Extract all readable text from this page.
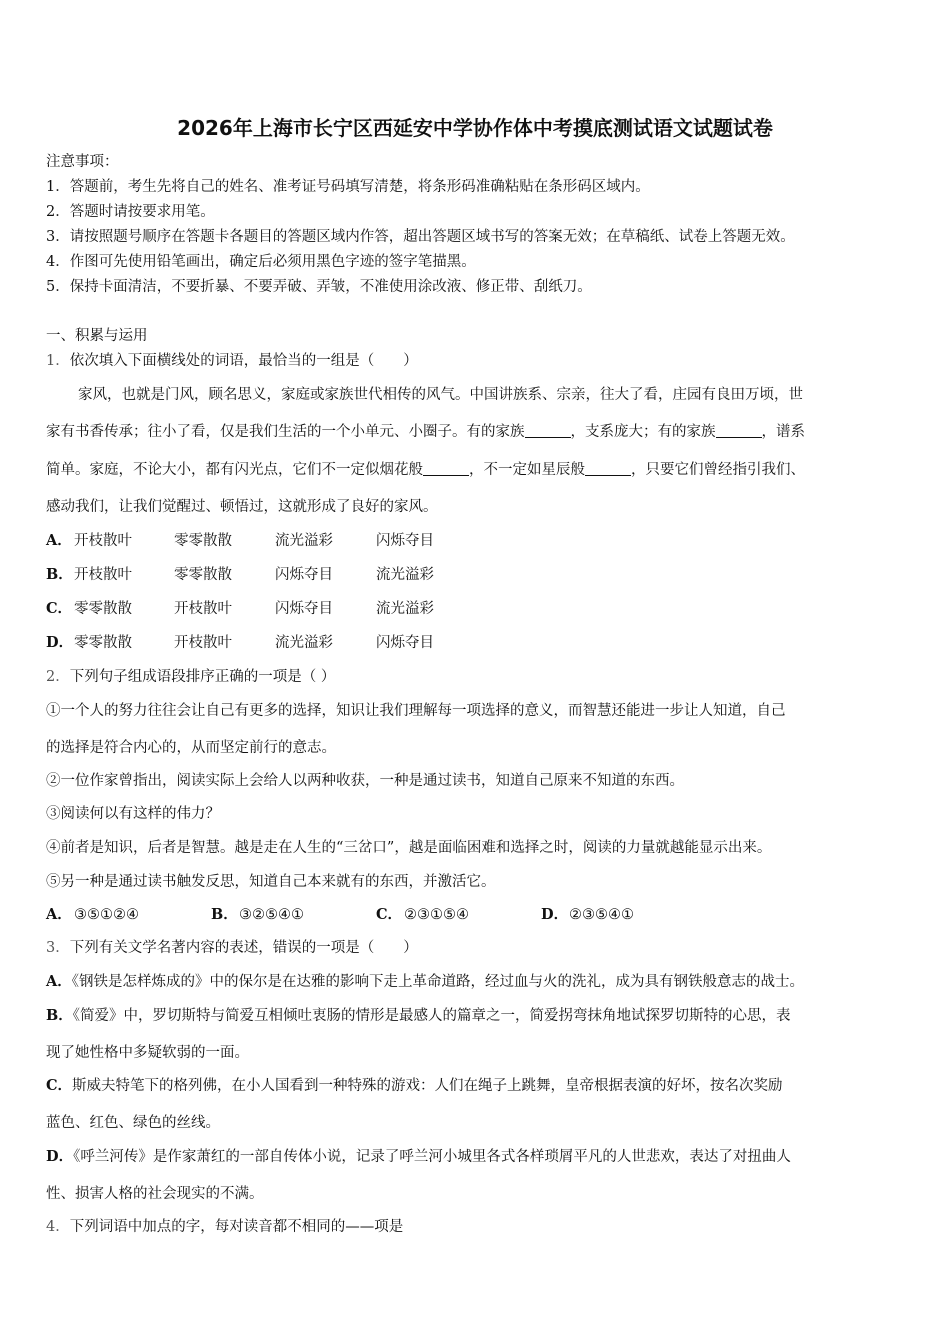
2026年上海市长宁区西延安中学协作体中考摸底测试语文试题试卷
注意事项：
1．答题前，考生先将自己的姓名、准考证号码填写清楚，将条形码准确粘贴在条形码区域内。
2．答题时请按要求用笔。
3．请按照题号顺序在答题卡各题目的答题区域内作答，超出答题区域书写的答案无效；在草稿纸、试卷上答题无效。
4．作图可先使用铅笔画出，确定后必须用黑色字迹的签字笔描黑。
5．保持卡面清洁，不要折暴、不要弄破、弄皱，不准使用涂改液、修正带、刮纸刀。
一、积累与运用
1．依次填入下面横线处的词语，最恰当的一组是（　　）
家风，也就是门风，顾名思义，家庭或家族世代相传的风气。中国讲族系、宗亲，往大了看，庄园有良田万顷，世
家有书香传承；往小了看，仅是我们生活的一个小单元、小圈子。有的家族	，支系庞大；有的家族	，谱系
简单。家庭，不论大小，都有闪光点，它们不一定似烟花般	，不一定如星辰般	，只要它们曾经指引我们、
感动我们，让我们觉醒过、顿悟过，这就形成了良好的家风。
A． 开枝散叶	零零散散	流光溢彩	闪烁夺目
B．开枝散叶	零零散散	闪烁夺目	流光溢彩
C． 零零散散	开枝散叶	闪烁夺目	流光溢彩
D．零零散散	开枝散叶	流光溢彩	闪烁夺目
2．下列句子组成语段排序正确的一项是（ ）
①一个人的努力往往会让自己有更多的选择，知识让我们理解每一项选择的意义，而智慧还能进一步让人知道，自己
的选择是符合内心的，从而坚定前行的意志。
②一位作家曾指出，阅读实际上会给人以两种收获，一种是通过读书，知道自己原来不知道的东西。
③阅读何以有这样的伟力？
④前者是知识，后者是智慧。越是走在人生的“三岔口”，越是面临困难和选择之时，阅读的力量就越能显示出来。
⑤另一种是通过读书触发反思，知道自己本来就有的东西，并激活它。
A． ③⑤①②④	B．③②⑤④①	C． ②③①⑤④	D．②③⑤④①
3．下列有关文学名著内容的表述，错误的一项是（　　）
A．《钢铁是怎样炼成的》中的保尔是在达雅的影响下走上革命道路，经过血与火的洗礼，成为具有钢铁般意志的战士。
B．《简爱》中，罗切斯特与简爱互相倾吐衷肠的情形是最感人的篇章之一，简爱拐弯抹角地试探罗切斯特的心思，表
现了她性格中多疑软弱的一面。
C．斯威夫特笔下的格列佛，在小人国看到一种特殊的游戏：人们在绳子上跳舞，皇帝根据表演的好坏，按名次奖励
蓝色、红色、绿色的丝线。
D．《呼兰河传》是作家萧红的一部自传体小说，记录了呼兰河小城里各式各样琐屑平凡的人世悲欢，表达了对扭曲人
性、损害人格的社会现实的不满。
4．下列词语中加点的字，每对读音都不相同的——项是
